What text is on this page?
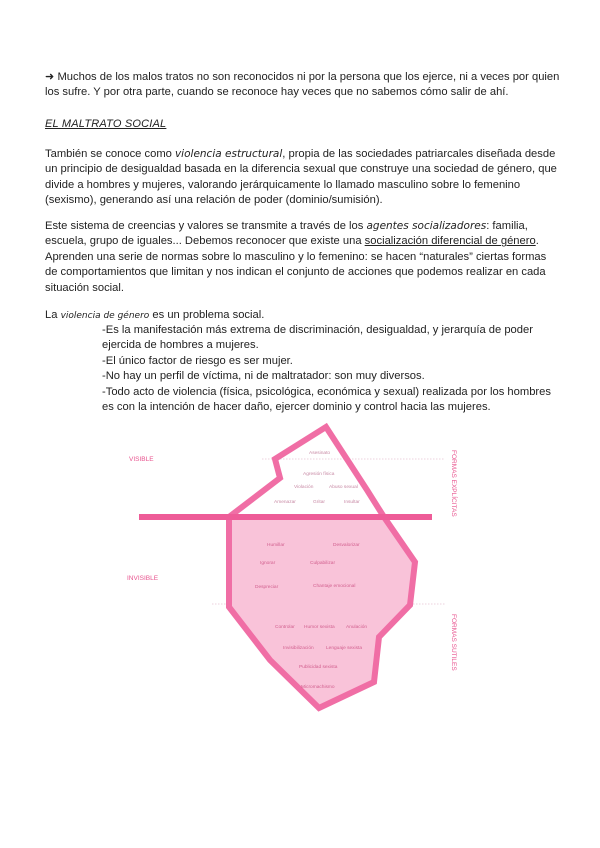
➜ Muchos de los malos tratos no son reconocidos ni por la persona que los ejerce, ni a veces por quien los sufre. Y por otra parte, cuando se reconoce hay veces que no sabemos cómo salir de ahí.

EL MALTRATO SOCIAL

También se conoce como violencia estructural, propia de las sociedades patriarcales diseñada desde un principio de desigualdad basada en la diferencia sexual que construye una sociedad de género, que divide a hombres y mujeres, valorando jerárquicamente lo llamado masculino sobre lo femenino (sexismo), generando así una relación de poder (dominio/sumisión).

Este sistema de creencias y valores se transmite a través de los agentes socializadores: familia, escuela, grupo de iguales... Debemos reconocer que existe una socialización diferencial de género. Aprenden una serie de normas sobre lo masculino y lo femenino: se hacen “naturales” ciertas formas de comportamientos que limitan y nos indican el conjunto de acciones que podemos realizar en cada situación social.

La violencia de género es un problema social.

-Es la manifestación más extrema de discriminación, desigualdad, y jerarquía de poder ejercida de hombres a mujeres.
-El único factor de riesgo es ser mujer.
-No hay un perfil de víctima, ni de maltratador: son muy diversos.
-Todo acto de violencia (física, psicológica, económica y sexual) realizada por los hombres es con la intención de hacer daño, ejercer dominio y control hacia las mujeres.
VISIBLE
INVISIBLE
FORMAS EXPLÍCITAS
FORMAS SUTILES
Asesinato
Agresión física
Violación	Abuso sexual
Amenazar	Gritar	Insultar
Humillar	Desvalorizar
Ignorar	Culpabilizar
Despreciar	Chantaje emocional
Controlar Humor sexista Anulación
Invisibilización	Lenguaje sexista
Publicidad sexista
Micromachismo
